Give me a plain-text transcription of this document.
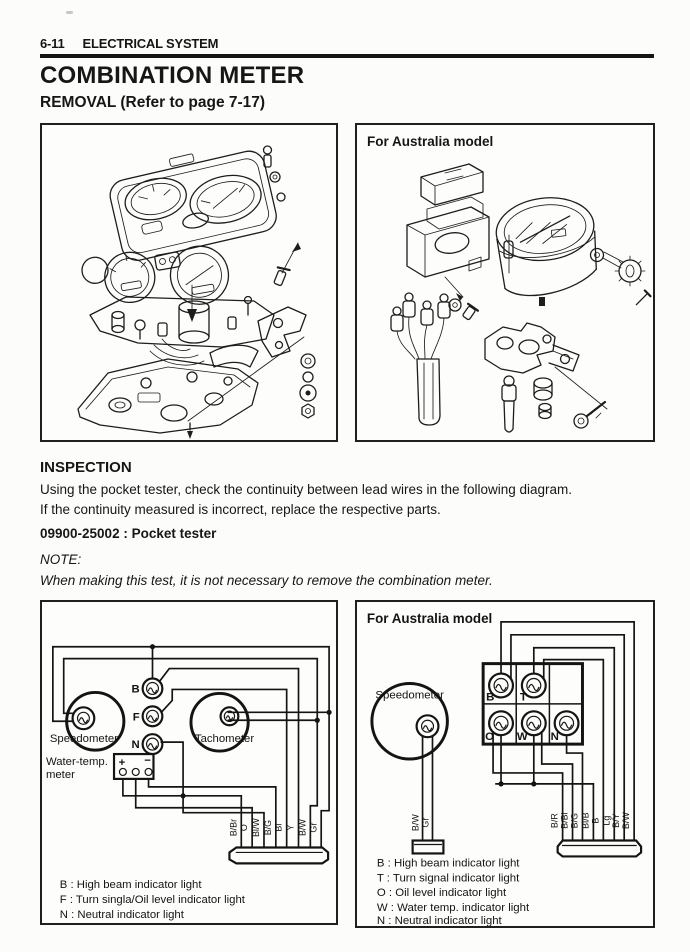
6-11 ELECTRICAL SYSTEM
COMBINATION METER
REMOVAL (Refer to page 7-17)
For Australia model
INSPECTION
Using the pocket tester, check the continuity between lead wires in the following diagram.
If the continuity measured is incorrect, replace the respective parts.
09900-25002 : Pocket tester
NOTE:
When making this test, it is not necessary to remove the combination meter.
Speedometer	Tachometer
B
F
N
+ −
Water-temp.
meter
B/Br O Bl/W B/G Bl Y B/W Gr
B : High beam indicator light
F : Turn singla/Oil level indicator light
N : Neutral indicator light
For Australia model
Speedometer	B T
O W N
B/W Gr	B/R B/Bl B/G Bl/B B Lg B/Y B/W
B : High beam indicator light
T : Turn signal indicator light
O : Oil level indicator light
W : Water temp. indicator light
N : Neutral indicator light
